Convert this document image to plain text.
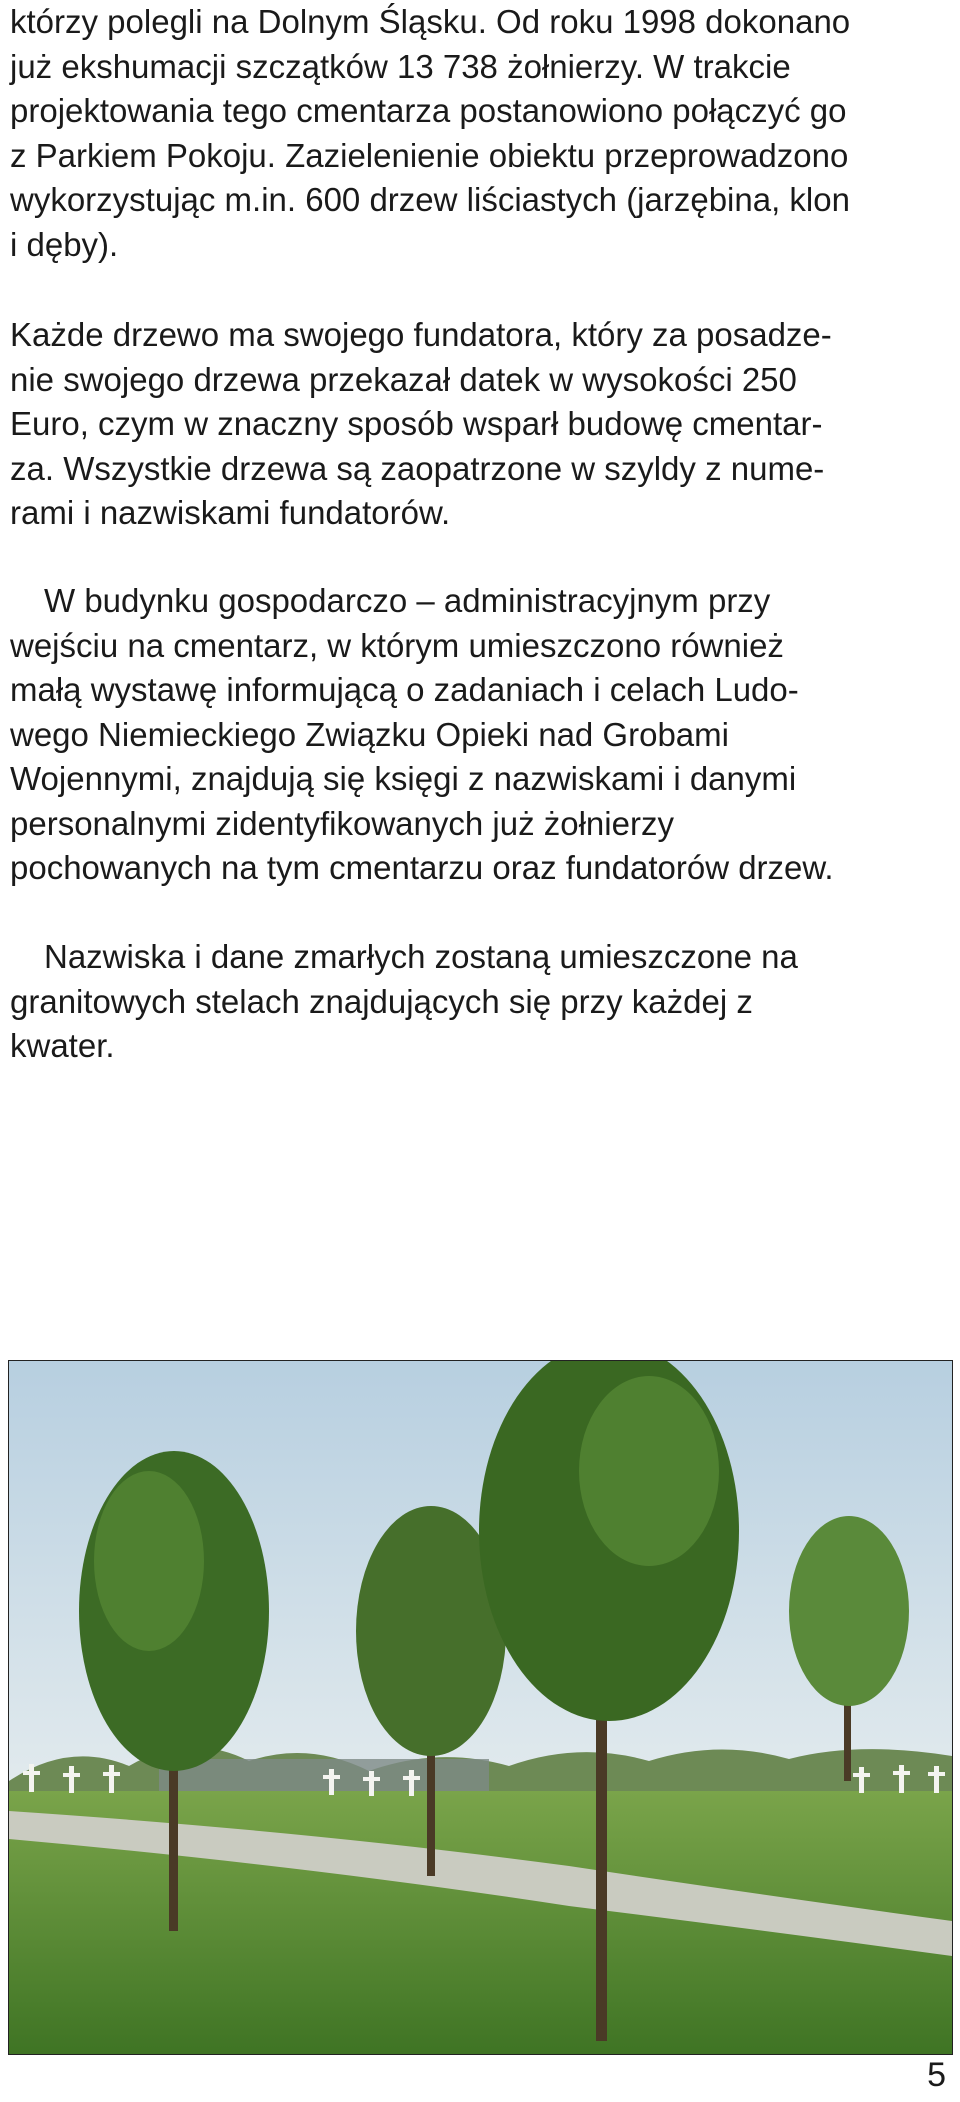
którzy polegli na Dolnym Śląsku. Od roku 1998 dokonano
już ekshumacji szczątków 13 738 żołnierzy. W trakcie
projektowania tego cmentarza postanowiono połączyć go
z Parkiem Pokoju. Zazielenienie obiektu przeprowadzono
wykorzystując m.in. 600 drzew liściastych (jarzębina, klon
i dęby).
Każde drzewo ma swojego fundatora, który za posadze-
nie swojego drzewa przekazał datek w wysokości 250
Euro, czym w znaczny sposób wsparł budowę cmentar-
za. Wszystkie drzewa są zaopatrzone w szyldy z nume-
rami i nazwiskami fundatorów.
W budynku gospodarczo – administracyjnym przy
wejściu na cmentarz, w którym umieszczono również
małą wystawę informującą o zadaniach i celach Ludo-
wego Niemieckiego Związku Opieki nad Grobami
Wojennymi, znajdują się księgi z nazwiskami i danymi
personalnymi zidentyfikowanych już żołnierzy
pochowanych na tym cmentarzu oraz fundatorów drzew.
Nazwiska i dane zmarłych zostaną umieszczone na
granitowych stelach znajdujących się przy każdej z
kwater.
5
